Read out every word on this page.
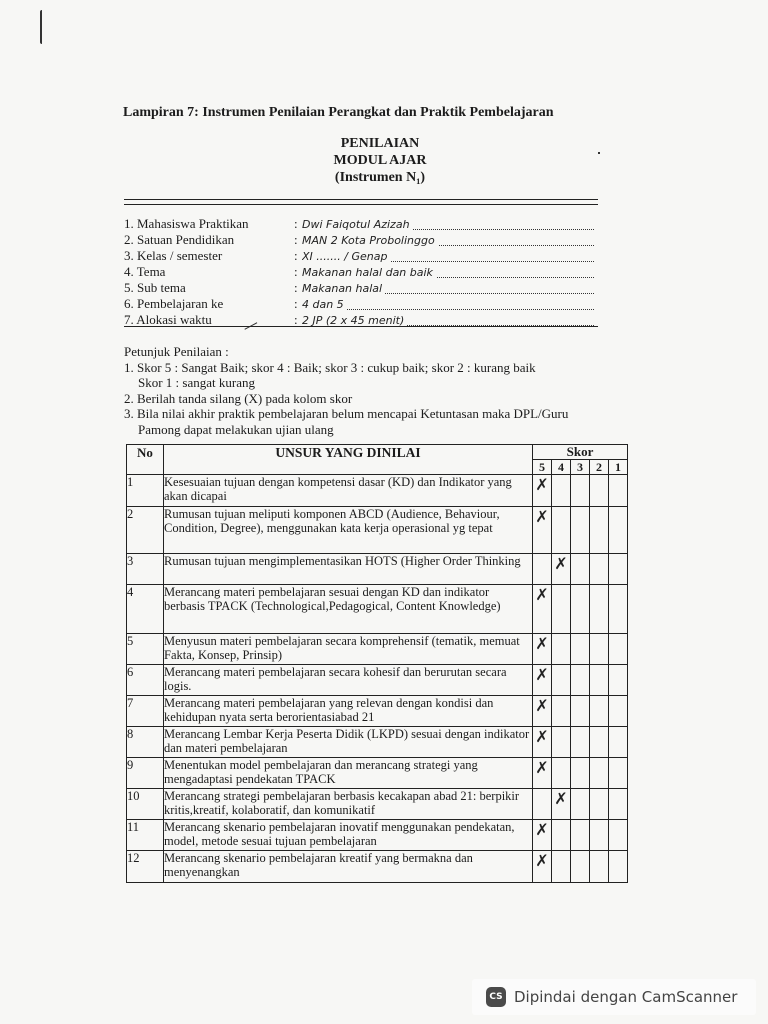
Lampiran 7: Instrumen Penilaian Perangkat dan Praktik Pembelajaran
PENILAIAN
MODUL AJAR
(Instrumen N₁)
1. Mahasiswa Praktikan	: Dwi Faiqotul Azizah
2. Satuan Pendidikan	: MAN 2 Kota Probolinggo
3. Kelas / semester	: XI ....... / Genap
4. Tema	: Makanan halal dan baik
5. Sub tema	: Makanan halal
6. Pembelajaran ke	: 4 dan 5
7. Alokasi waktu	: 2 JP (2 x 45 menit)
Petunjuk Penilaian :
1. Skor 5 : Sangat Baik; skor 4 : Baik; skor 3 : cukup baik; skor 2 : kurang baik
Skor 1 : sangat kurang
2. Berilah tanda silang (X) pada kolom skor
3. Bila nilai akhir praktik pembelajaran belum mencapai Ketuntasan maka DPL/Guru
Pamong dapat melakukan ujian ulang
No	UNSUR YANG DINILAI	Skor				
		5	4	3	2	1
1	Kesesuaian tujuan dengan kompetensi dasar (KD) dan Indikator yang akan dicapai	✗				
2	Rumusan tujuan meliputi komponen ABCD (Audience, Behaviour, Condition, Degree), menggunakan kata kerja operasional yg tepat	✗				
3	Rumusan tujuan mengimplementasikan HOTS (Higher Order Thinking		✗			
4	Merancang materi pembelajaran sesuai dengan KD dan indikator berbasis TPACK (Technological,Pedagogical, Content Knowledge)	✗				
5	Menyusun materi pembelajaran secara komprehensif (tematik, memuat Fakta, Konsep, Prinsip)	✗				
6	Merancang materi pembelajaran secara kohesif dan berurutan secara logis.	✗				
7	Merancang materi pembelajaran yang relevan dengan kondisi dan kehidupan nyata serta berorientasiabad 21	✗				
8	Merancang Lembar Kerja Peserta Didik (LKPD) sesuai dengan indikator dan materi pembelajaran	✗				
9	Menentukan model pembelajaran dan merancang strategi yang mengadaptasi pendekatan TPACK	✗				
10	Merancang strategi pembelajaran berbasis kecakapan abad 21: berpikir kritis,kreatif, kolaboratif, dan komunikatif		✗			
11	Merancang skenario pembelajaran inovatif menggunakan pendekatan, model, metode sesuai tujuan pembelajaran	✗				
12	Merancang skenario pembelajaran kreatif yang bermakna dan menyenangkan	✗				
CS Dipindai dengan CamScanner
